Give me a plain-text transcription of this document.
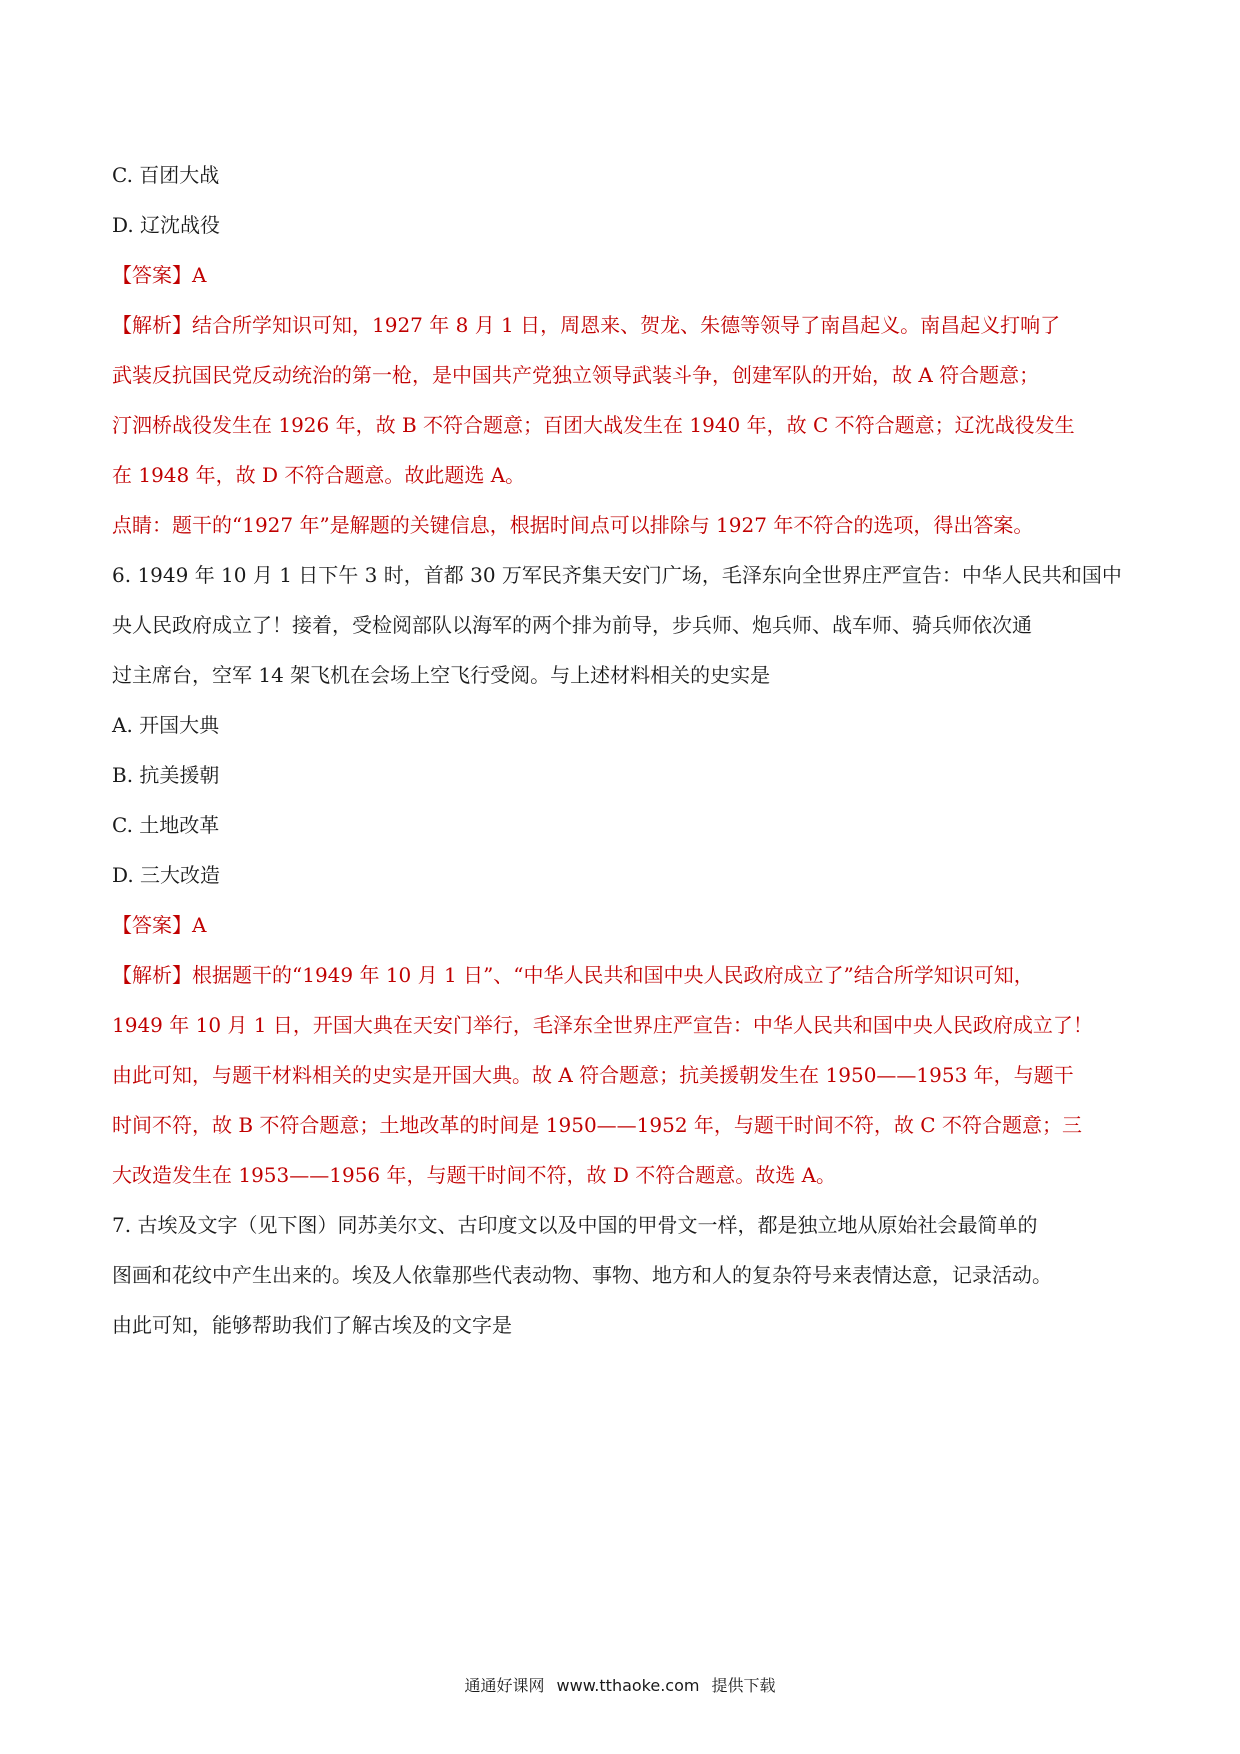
C. 百团大战

D. 辽沈战役

【答案】A

【解析】结合所学知识可知，1927 年 8 月 1 日，周恩来、贺龙、朱德等领导了南昌起义。南昌起义打响了

武装反抗国民党反动统治的第一枪，是中国共产党独立领导武装斗争，创建军队的开始，故 A 符合题意；

汀泗桥战役发生在 1926 年，故 B 不符合题意；百团大战发生在 1940 年，故 C 不符合题意；辽沈战役发生

在 1948 年，故 D 不符合题意。故此题选 A。

点睛：题干的“1927 年”是解题的关键信息，根据时间点可以排除与 1927 年不符合的选项，得出答案。

6. 1949 年 10 月 1 日下午 3 时，首都 30 万军民齐集天安门广场，毛泽东向全世界庄严宣告：中华人民共和国中

央人民政府成立了！接着，受检阅部队以海军的两个排为前导，步兵师、炮兵师、战车师、骑兵师依次通

过主席台，空军 14 架飞机在会场上空飞行受阅。与上述材料相关的史实是

A. 开国大典

B. 抗美援朝

C. 土地改革

D. 三大改造

【答案】A

【解析】根据题干的“1949 年 10 月 1 日”、“中华人民共和国中央人民政府成立了”结合所学知识可知，

1949 年 10 月 1 日，开国大典在天安门举行，毛泽东全世界庄严宣告：中华人民共和国中央人民政府成立了！

由此可知，与题干材料相关的史实是开国大典。故 A 符合题意；抗美援朝发生在 1950——1953 年，与题干

时间不符，故 B 不符合题意；土地改革的时间是 1950——1952 年，与题干时间不符，故 C 不符合题意；三

大改造发生在 1953——1956 年，与题干时间不符，故 D 不符合题意。故选 A。

7. 古埃及文字（见下图）同苏美尔文、古印度文以及中国的甲骨文一样，都是独立地从原始社会最简单的

图画和花纹中产生出来的。埃及人依靠那些代表动物、事物、地方和人的复杂符号来表情达意，记录活动。

由此可知，能够帮助我们了解古埃及的文字是

通通好课网 www.tthaoke.com 提供下载
